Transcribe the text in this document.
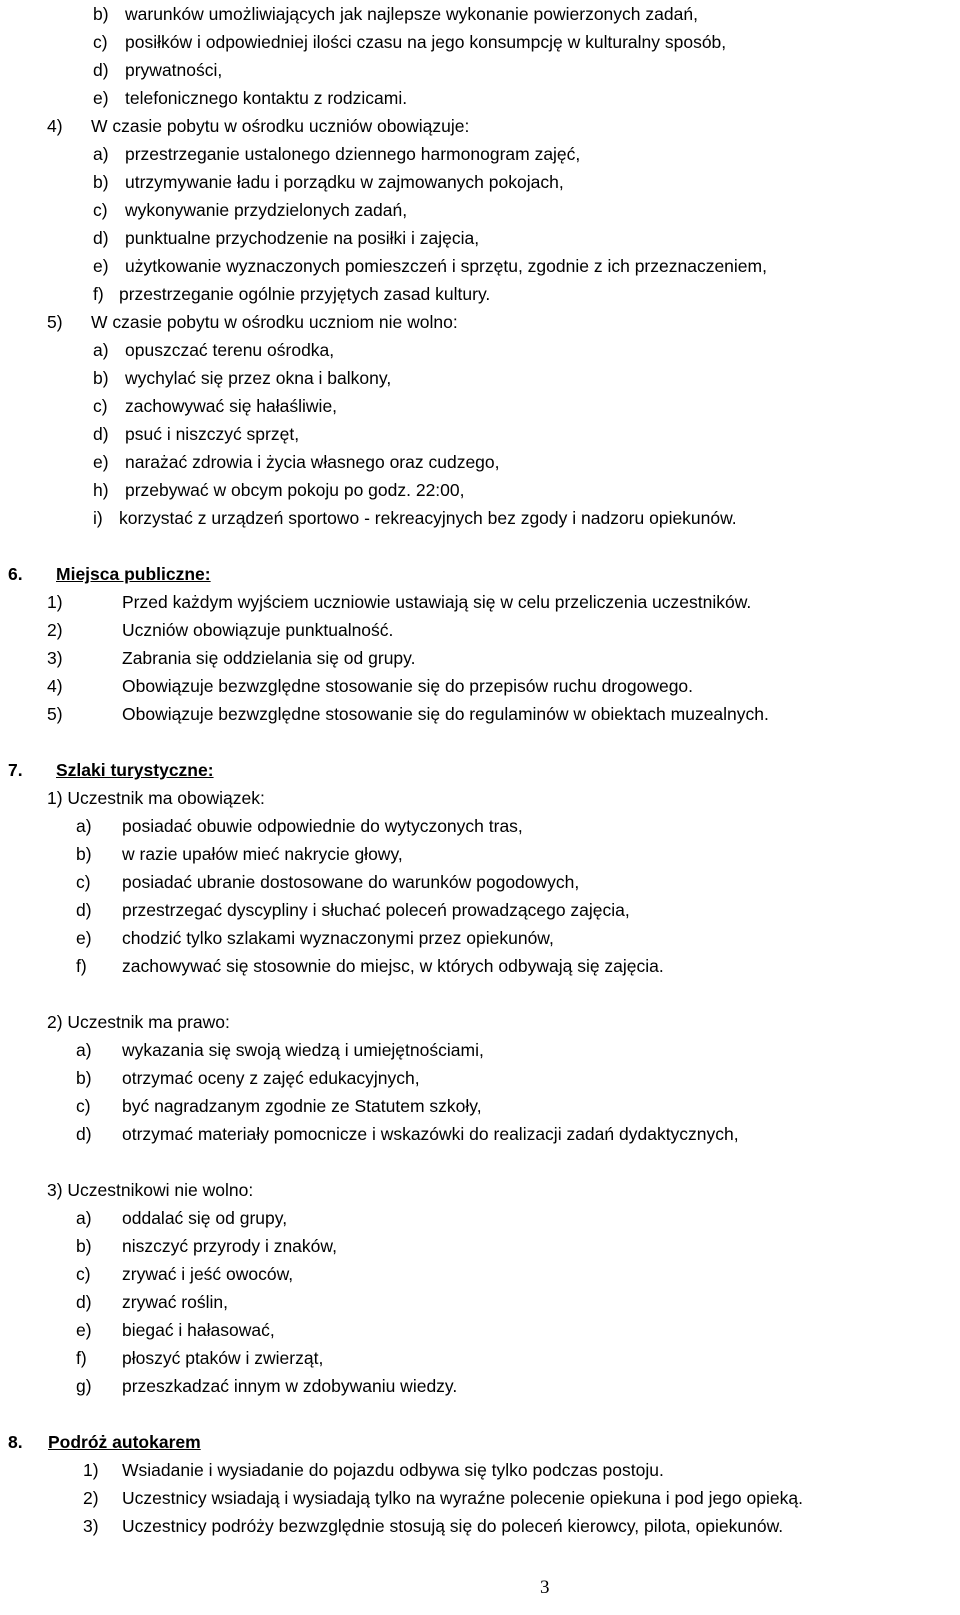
b) warunków umożliwiających jak najlepsze wykonanie powierzonych zadań,
c) posiłków i odpowiedniej ilości czasu na jego konsumpcję w kulturalny sposób,
d) prywatności,
e) telefonicznego kontaktu z rodzicami.
4) W czasie pobytu w ośrodku uczniów obowiązuje:
a) przestrzeganie ustalonego dziennego harmonogram zajęć,
b) utrzymywanie ładu i porządku w zajmowanych pokojach,
c) wykonywanie przydzielonych zadań,
d) punktualne przychodzenie na posiłki i zajęcia,
e) użytkowanie wyznaczonych pomieszczeń i sprzętu, zgodnie z ich przeznaczeniem,
f) przestrzeganie ogólnie przyjętych zasad kultury.
5) W czasie pobytu w ośrodku uczniom nie wolno:
a) opuszczać terenu ośrodka,
b) wychylać się przez okna i balkony,
c) zachowywać się hałaśliwie,
d) psuć i niszczyć sprzęt,
e) narażać zdrowia i życia własnego oraz cudzego,
h) przebywać w obcym pokoju po godz. 22:00,
i) korzystać z urządzeń sportowo - rekreacyjnych bez zgody i nadzoru opiekunów.
6. Miejsca publiczne:
1)	Przed każdym wyjściem uczniowie ustawiają się w celu przeliczenia uczestników.
2)	Uczniów obowiązuje punktualność.
3)	Zabrania się oddzielania się od grupy.
4)	Obowiązuje bezwzględne stosowanie się do przepisów ruchu drogowego.
5)	Obowiązuje bezwzględne stosowanie się do regulaminów w obiektach muzealnych.
7. Szlaki turystyczne:
1) Uczestnik ma obowiązek:
a) posiadać obuwie odpowiednie do wytyczonych tras,
b) w razie upałów mieć nakrycie głowy,
c) posiadać ubranie dostosowane do warunków pogodowych,
d) przestrzegać dyscypliny i słuchać poleceń prowadzącego zajęcia,
e) chodzić tylko szlakami wyznaczonymi przez opiekunów,
f) zachowywać się stosownie do miejsc, w których odbywają się zajęcia.
2) Uczestnik ma prawo:
a) wykazania się swoją wiedzą i umiejętnościami,
b) otrzymać oceny z zajęć edukacyjnych,
c) być nagradzanym zgodnie ze Statutem szkoły,
d) otrzymać materiały pomocnicze i wskazówki do realizacji zadań dydaktycznych,
3) Uczestnikowi nie wolno:
a) oddalać się od grupy,
b) niszczyć przyrody i znaków,
c) zrywać i jeść owoców,
d) zrywać roślin,
e) biegać i hałasować,
f) płoszyć ptaków i zwierząt,
g) przeszkadzać innym w zdobywaniu wiedzy.
8. Podróż autokarem
1) Wsiadanie i wysiadanie do pojazdu odbywa się tylko podczas postoju.
2) Uczestnicy wsiadają i wysiadają tylko na wyraźne polecenie opiekuna i pod jego opieką.
3) Uczestnicy podróży bezwzględnie stosują się do poleceń kierowcy, pilota, opiekunów.
3
